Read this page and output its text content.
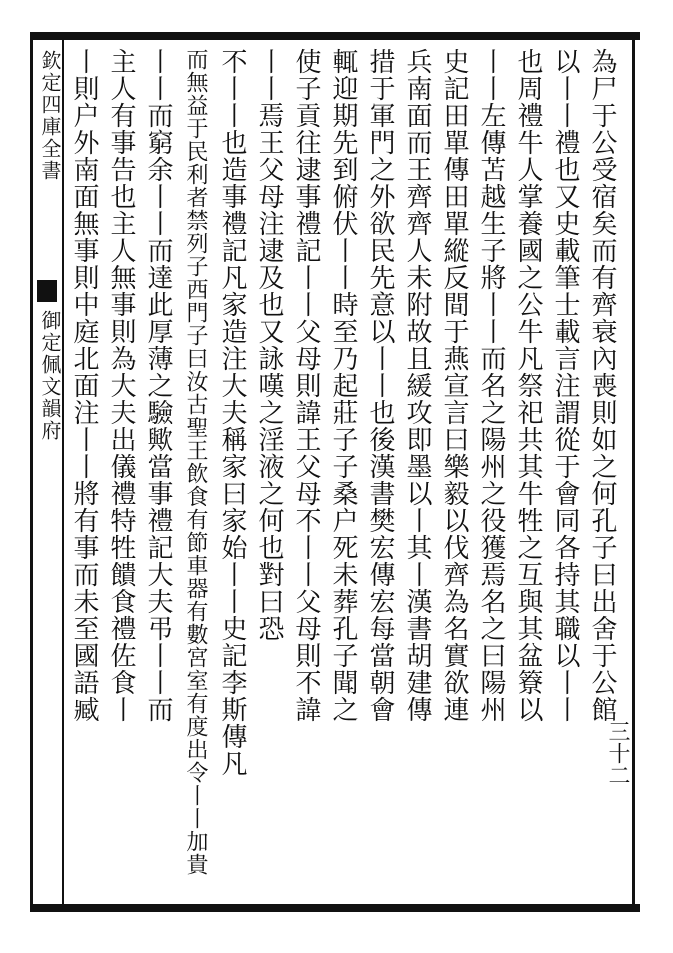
欽定四庫全書
御定佩文韻府
三十二
為尸于公受宿矣而有齊衰內喪則如之何孔子曰出舍于公館
以丨丨禮也又史載筆士載言注謂從于會同各持其職以丨丨
也周禮牛人掌養國之公牛凡祭祀共其牛牲之互與其盆簝以
丨丨左傳苫越生子將丨丨而名之陽州之役獲焉名之曰陽州
史記田單傳田單縱反間于燕宣言曰樂毅以伐齊為名實欲連
兵南面而王齊齊人未附故且緩攻即墨以丨其丨漢書胡建傳
措于軍門之外欲民先意以丨丨也後漢書樊宏傳宏每當朝會
輒迎期先到俯伏丨丨時至乃起莊子子桑户死未葬孔子聞之
使子貢往逮事禮記丨丨父母則諱王父母不丨丨父母則不諱
丨丨焉王父母注逮及也又詠嘆之淫液之何也對曰恐
不丨丨也造事禮記凡家造注大夫稱家曰家始丨丨史記李斯傳凡
而無益于民利者禁列子西門子曰汝古聖王飲食有節車器有數宮室有度出令丨丨加貴
丨丨而窮余丨丨而達此厚薄之驗歟當事禮記大夫弔丨丨而
主人有事告也主人無事則為大夫出儀禮特牲饋食禮佐食丨
丨則户外南面無事則中庭北面注丨丨將有事而未至國語臧
